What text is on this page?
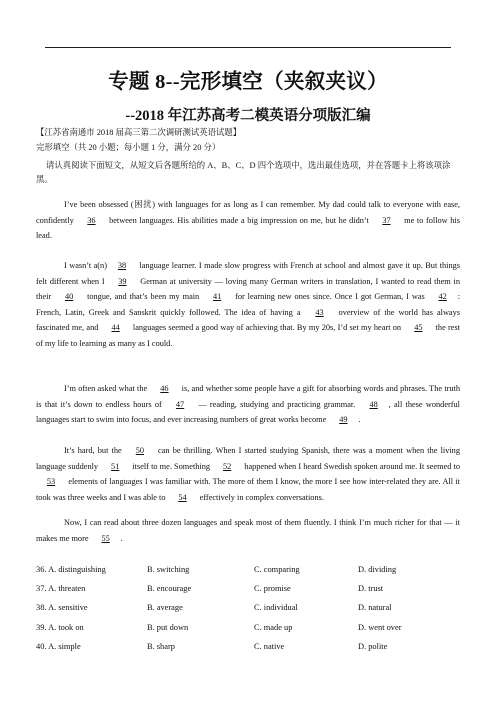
专题 8--完形填空（夹叙夹议）
--2018 年江苏高考二模英语分项版汇编
【江苏省南通市 2018 届高三第二次调研测试英语试题】
完形填空（共 20 小题；每小题 1 分，满分 20 分）
请认真阅读下面短文，从短文后各题所给的 A、B、C、D 四个选项中，选出最佳选项，并在答题卡上将该项涂黑。
I’ve been obsessed (困扰) with languages for as long as I can remember. My dad could talk to everyone with ease, confidently 36 between languages. His abilities made a big impression on me, but he didn’t 37 me to follow his lead.
I wasn’t a(n) 38 language learner. I made slow progress with French at school and almost gave it up. But things felt different when I 39 German at university — loving many German writers in translation, I wanted to read them in their 40 tongue, and that’s been my main 41 for learning new ones since. Once I got German, I was 42 : French, Latin, Greek and Sanskrit quickly followed. The idea of having a 43 overview of the world has always fascinated me, and 44 languages seemed a good way of achieving that. By my 20s, I’d set my heart on 45 the rest of my life to learning as many as I could.
I’m often asked what the 46 is, and whether some people have a gift for absorbing words and phrases. The truth is that it’s down to endless hours of 47 — reading, studying and practicing grammar. 48 , all these wonderful languages start to swim into focus, and ever increasing numbers of great works become 49 .
It’s hard, but the 50 can be thrilling. When I started studying Spanish, there was a moment when the living language suddenly 51 itself to me. Something 52 happened when I heard Swedish spoken around me. It seemed to 53 elements of languages I was familiar with. The more of them I know, the more I see how inter-related they are. All it took was three weeks and I was able to 54 effectively in complex conversations.
Now, I can read about three dozen languages and speak most of them fluently. I think I’m much richer for that — it makes me more 55 .
36. A. distinguishing	B. switching	C. comparing	D. dividing
37. A. threaten	B. encourage	C. promise	D. trust
38. A. sensitive	B. average	C. individual	D. natural
39. A. took on	B. put down	C. made up	D. went over
40. A. simple	B. sharp	C. native	D. polite
